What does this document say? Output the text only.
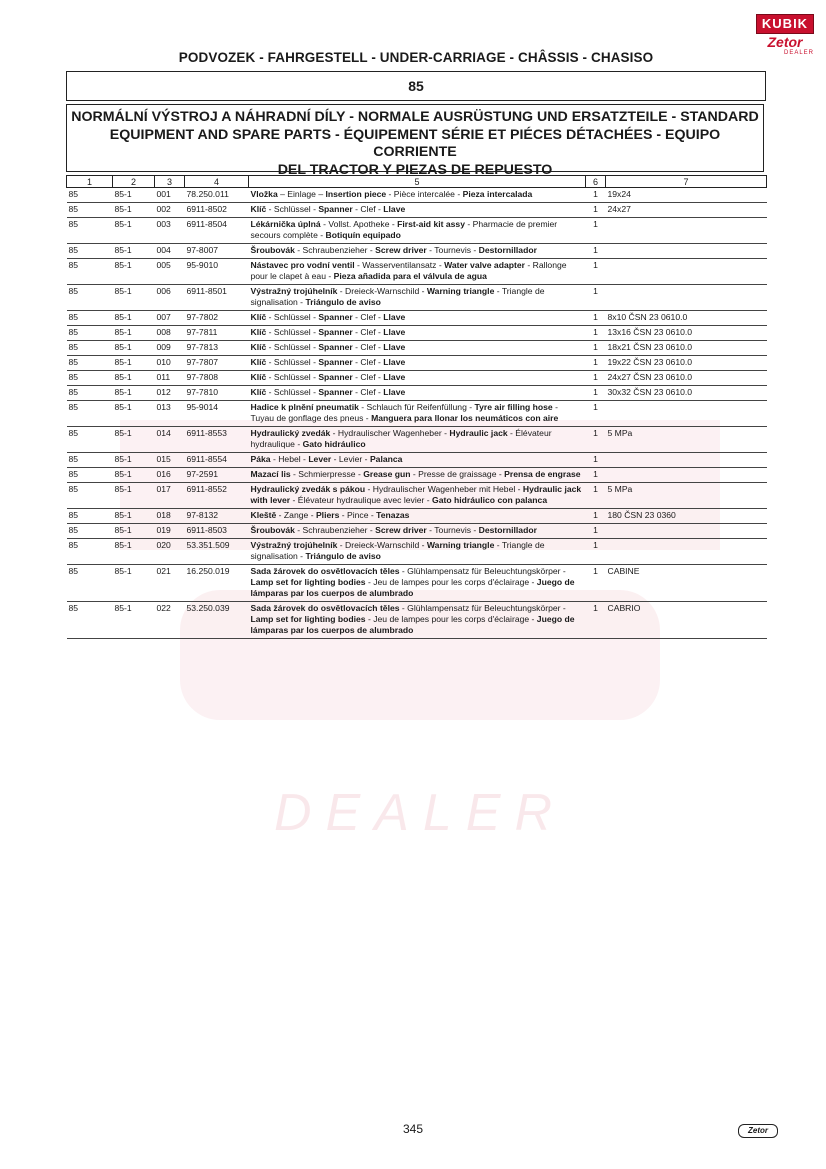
DEALER
KUBIK
Zetor
DEALER
PODVOZEK - FAHRGESTELL - UNDER-CARRIAGE - CHÂSSIS - CHASISO
85
NORMÁLNÍ VÝSTROJ A NÁHRADNÍ DÍLY - NORMALE AUSRÜSTUNG UND ERSATZTEILE - STANDARD
EQUIPMENT AND SPARE PARTS - ÉQUIPEMENT SÉRIE ET PIÉCES DÉTACHÉES - EQUIPO CORRIENTE
DEL TRACTOR Y PIEZAS DE REPUESTO
1	2	3	4	5	6	7
85	85-1	001	78.250.011	Vložka – Einlage – Insertion piece - Pièce intercalée - Pieza intercalada	1	19x24
85	85-1	002	6911-8502	Klíč - Schlüssel - Spanner - Clef - Llave	1	24x27
85	85-1	003	6911-8504	Lékárnička úplná - Vollst. Apotheke - First-aid kit assy - Pharmacie de premier secours complète - Botiquín equipado	1	
85	85-1	004	97-8007	Šroubovák - Schraubenzieher - Screw driver - Tournevis - Destornillador	1	
85	85-1	005	95-9010	Nástavec pro vodní ventil - Wasserventilansatz - Water valve adapter - Rallonge pour le clapet à eau - Pieza añadida para el válvula de agua	1	
85	85-1	006	6911-8501	Výstražný trojúhelník - Dreieck-Warnschild - Warning triangle - Triangle de signalisation - Triángulo de aviso	1	
85	85-1	007	97-7802	Klíč - Schlüssel - Spanner - Clef - Llave	1	8x10 ČSN 23 0610.0
85	85-1	008	97-7811	Klíč - Schlüssel - Spanner - Clef - Llave	1	13x16 ČSN 23 0610.0
85	85-1	009	97-7813	Klíč - Schlüssel - Spanner - Clef - Llave	1	18x21 ČSN 23 0610.0
85	85-1	010	97-7807	Klíč - Schlüssel - Spanner - Clef - Llave	1	19x22 ČSN 23 0610.0
85	85-1	011	97-7808	Klíč - Schlüssel - Spanner - Clef - Llave	1	24x27 ČSN 23 0610.0
85	85-1	012	97-7810	Klíč - Schlüssel - Spanner - Clef - Llave	1	30x32 ČSN 23 0610.0
85	85-1	013	95-9014	Hadice k plnění pneumatik - Schlauch für Reifenfüllung - Tyre air filling hose - Tuyau de gonflage des pneus - Manguera para llonar los neumáticos con aire	1	
85	85-1	014	6911-8553	Hydraulický zvedák - Hydraulischer Wagenheber - Hydraulic jack - Élévateur hydraulique - Gato hidráulico	1	5 MPa
85	85-1	015	6911-8554	Páka - Hebel - Lever - Levier - Palanca	1	
85	85-1	016	97-2591	Mazací lis - Schmierpresse - Grease gun - Presse de graissage - Prensa de engrase	1	
85	85-1	017	6911-8552	Hydraulický zvedák s pákou - Hydraulischer Wagenheber mit Hebel - Hydraulic jack with lever - Élévateur hydraulique avec levier - Gato hidráulico con palanca	1	5 MPa
85	85-1	018	97-8132	Kleště - Zange - Pliers - Pince - Tenazas	1	180 ČSN 23 0360
85	85-1	019	6911-8503	Šroubovák - Schraubenzieher - Screw driver - Tournevis - Destornillador	1	
85	85-1	020	53.351.509	Výstražný trojúhelník - Dreieck-Warnschild - Warning triangle - Triangle de signalisation - Triángulo de aviso	1	
85	85-1	021	16.250.019	Sada žárovek do osvětlovacích těles - Glühlampensatz für Beleuchtungskörper - Lamp set for lighting bodies - Jeu de lampes pour les corps d'éclairage - Juego de lámparas par los cuerpos de alumbrado	1	CABINE
85	85-1	022	53.250.039	Sada žárovek do osvětlovacích těles - Glühlampensatz für Beleuchtungskörper - Lamp set for lighting bodies - Jeu de lampes pour les corps d'éclairage - Juego de lámparas par los cuerpos de alumbrado	1	CABRIO
345	Zetor
